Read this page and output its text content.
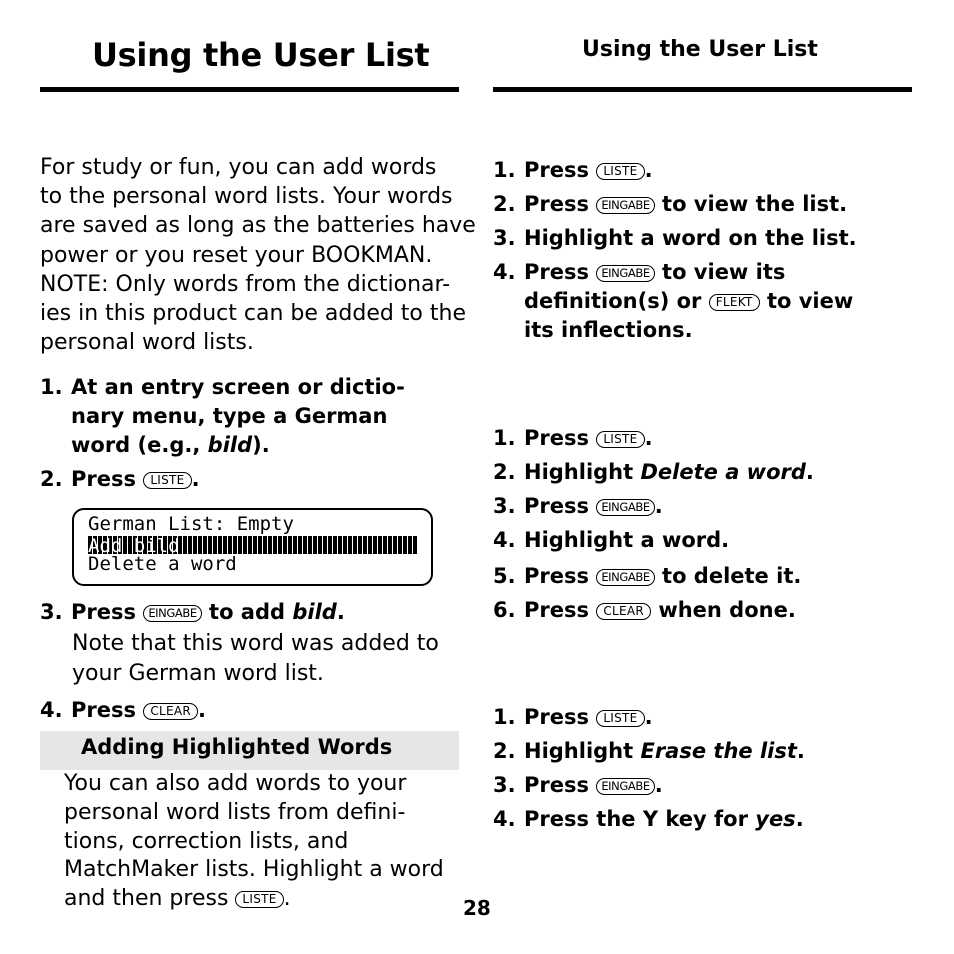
Using the User List	Using the User List
For study or fun, you can add words
to the personal word lists. Your words
are saved as long as the batteries have
power or you reset your BOOKMAN.
NOTE: Only words from the dictionar-
ies in this product can be added to the
personal word lists.
1. At an entry screen or dictio-
nary menu, type a German
word (e.g., bild).
2. Press LISTE .
German List: Empty
Add bild
Delete a word
3. Press EINGABE to add bild.
Note that this word was added to
your German word list.
4. Press CLEAR .
Adding Highlighted Words
You can also add words to your
personal word lists from defini-
tions, correction lists, and
MatchMaker lists. Highlight a word
and then press LISTE .	28
1. Press LISTE .
2. Press EINGABE to view the list.
3. Highlight a word on the list.
4. Press EINGABE to view its
definition(s) or FLEKT to view
its inflections.
1. Press LISTE .
2. Highlight Delete a word.
3. Press EINGABE .
4. Highlight a word.
5. Press EINGABE to delete it.
6. Press CLEAR when done.
1. Press LISTE .
2. Highlight Erase the list.
3. Press EINGABE .
4. Press the Y key for yes.
